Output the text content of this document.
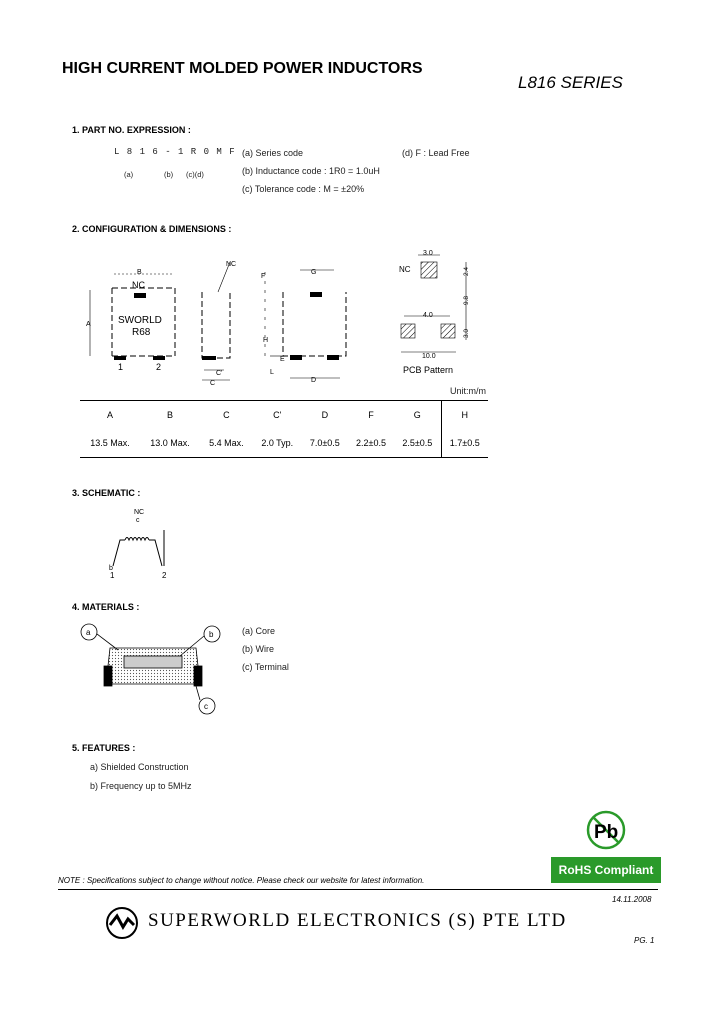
HIGH CURRENT MOLDED POWER INDUCTORS
L816 SERIES
1. PART NO. EXPRESSION :
L 8 1 6 - 1 R 0 M F
(a)	(b) (c)(d)
(a) Series code
(b) Inductance code : 1R0 = 1.0uH
(c) Tolerance code : M = ±20%
(d) F : Lead Free
2. CONFIGURATION & DIMENSIONS :
B
A
NC
SWORLD
R68
1	2
NC
C'
C
G
F
H
E
L
D
NC
3.0
2.4
9.8
4.0
3.0
10.0
PCB Pattern
Unit:m/m
A	B	C	C'	D	F	G	H
13.5 Max.	13.0 Max.	5.4 Max.	2.0 Typ.	7.0±0.5	2.2±0.5	2.5±0.5	1.7±0.5
3. SCHEMATIC :
NC
c
b
1	2
4. MATERIALS :
a	b
c
(a) Core
(b) Wire
(c) Terminal
5. FEATURES :
a) Shielded Construction
b) Frequency up to 5MHz
Pb
RoHS Compliant
NOTE : Specifications subject to change without notice. Please check our website for latest information.
14.11.2008
SUPERWORLD ELECTRONICS (S) PTE LTD
PG. 1
